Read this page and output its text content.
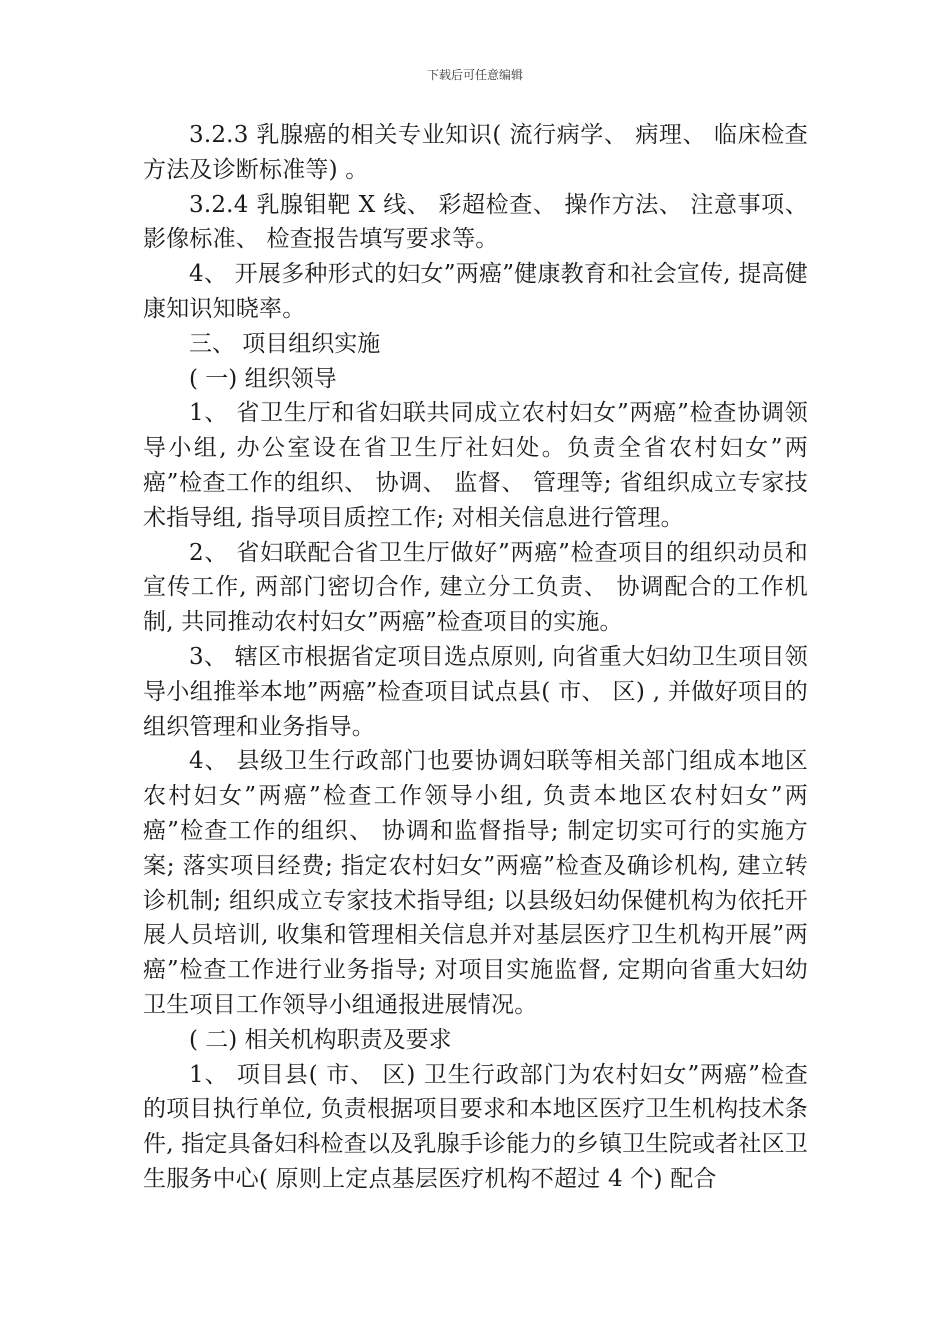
下载后可任意编辑

3.2.3 乳腺癌的相关专业知识( 流行病学、 病理、 临床检查方法及诊断标准等) 。

3.2.4 乳腺钼靶 X 线、 彩超检查、 操作方法、 注意事项、 影像标准、 检查报告填写要求等。

4、 开展多种形式的妇女”两癌”健康教育和社会宣传, 提高健康知识知晓率。

三、 项目组织实施

( 一) 组织领导

1、 省卫生厅和省妇联共同成立农村妇女”两癌”检查协调领导小组, 办公室设在省卫生厅社妇处。负责全省农村妇女”两癌”检查工作的组织、 协调、 监督、 管理等; 省组织成立专家技术指导组, 指导项目质控工作; 对相关信息进行管理。

2、 省妇联配合省卫生厅做好”两癌”检查项目的组织动员和宣传工作, 两部门密切合作, 建立分工负责、 协调配合的工作机制, 共同推动农村妇女”两癌”检查项目的实施。

3、 辖区市根据省定项目选点原则, 向省重大妇幼卫生项目领导小组推举本地”两癌”检查项目试点县( 市、 区) , 并做好项目的组织管理和业务指导。

4、 县级卫生行政部门也要协调妇联等相关部门组成本地区农村妇女”两癌”检查工作领导小组, 负责本地区农村妇女”两癌”检查工作的组织、 协调和监督指导; 制定切实可行的实施方案; 落实项目经费; 指定农村妇女”两癌”检查及确诊机构, 建立转诊机制; 组织成立专家技术指导组; 以县级妇幼保健机构为依托开展人员培训, 收集和管理相关信息并对基层医疗卫生机构开展”两癌”检查工作进行业务指导; 对项目实施监督, 定期向省重大妇幼卫生项目工作领导小组通报进展情况。

( 二) 相关机构职责及要求

1、 项目县( 市、 区) 卫生行政部门为农村妇女”两癌”检查的项目执行单位, 负责根据项目要求和本地区医疗卫生机构技术条件, 指定具备妇科检查以及乳腺手诊能力的乡镇卫生院或者社区卫生服务中心( 原则上定点基层医疗机构不超过 4 个) 配合
